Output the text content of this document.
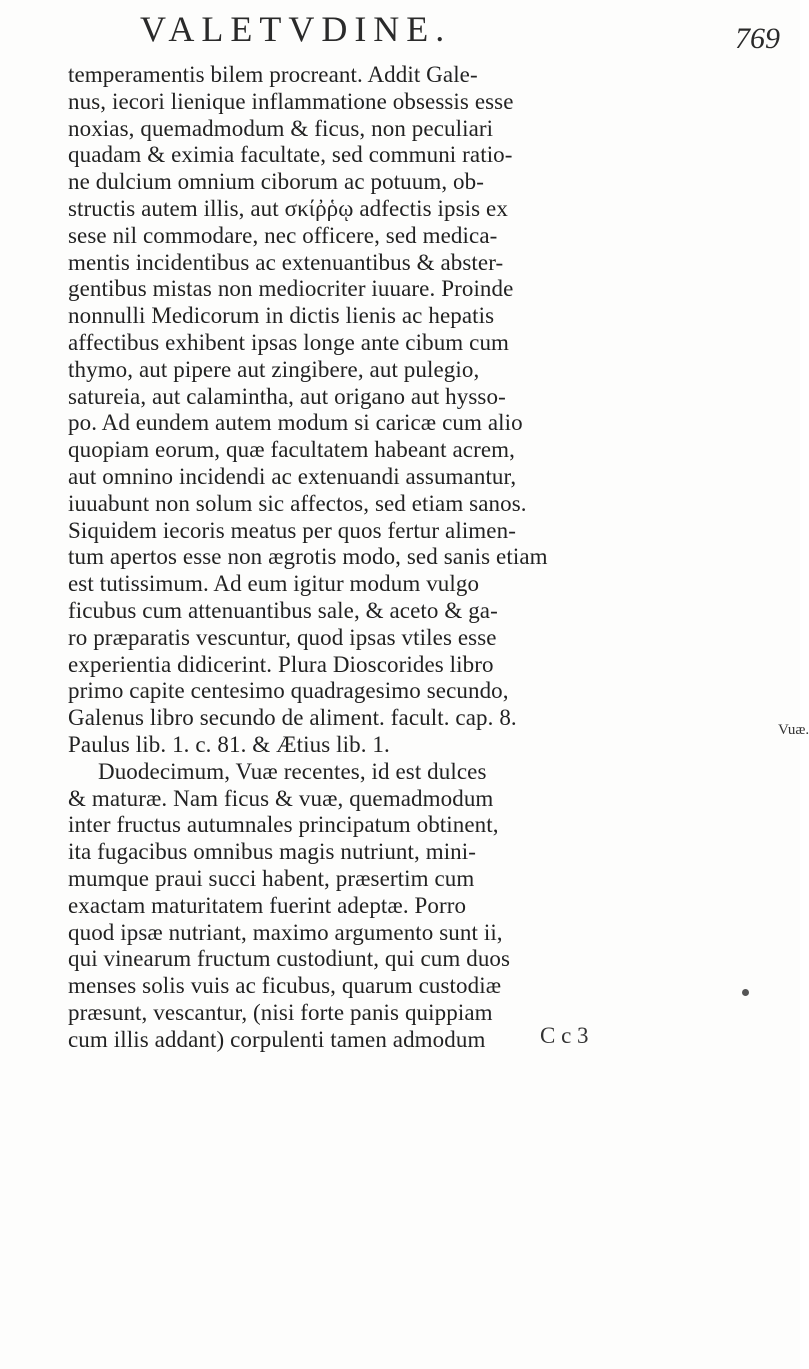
VALETVDINE.	769
temperamentis bilem procreant. Addit Gale-
nus, iecori lienique inflammatione obsessis esse
noxias, quemadmodum & ficus, non peculiari
quadam & eximia facultate, sed communi ratio-
ne dulcium omnium ciborum ac potuum, ob-
structis autem illis, aut σκίῤῥῳ adfectis ipsis ex
sese nil commodare, nec officere, sed medica-
mentis incidentibus ac extenuantibus & abster-
gentibus mistas non mediocriter iuuare. Proinde
nonnulli Medicorum in dictis lienis ac hepatis
affectibus exhibent ipsas longe ante cibum cum
thymo, aut pipere aut zingibere, aut pulegio,
satureia, aut calamintha, aut origano aut hysso-
po. Ad eundem autem modum si caricæ cum alio
quopiam eorum, quæ facultatem habeant acrem,
aut omnino incidendi ac extenuandi assumantur,
iuuabunt non solum sic affectos, sed etiam sanos.
Siquidem iecoris meatus per quos fertur alimen-
tum apertos esse non ægrotis modo, sed sanis etiam
est tutissimum. Ad eum igitur modum vulgo
ficubus cum attenuantibus sale, & aceto & ga-
ro præparatis vescuntur, quod ipsas vtiles esse
experientia didicerint. Plura Dioscorides libro
primo capite centesimo quadragesimo secundo,
Galenus libro secundo de aliment. facult. cap. 8.
Paulus lib. 1. c. 81. & Ætius lib. 1.
Duodecimum, Vuæ recentes, id est dulces
& maturæ. Nam ficus & vuæ, quemadmodum
inter fructus autumnales principatum obtinent,
ita fugacibus omnibus magis nutriunt, mini-
mumque praui succi habent, præsertim cum
exactam maturitatem fuerint adeptæ. Porro
quod ipsæ nutriant, maximo argumento sunt ii,
qui vinearum fructum custodiunt, qui cum duos
menses solis vuis ac ficubus, quarum custodiæ
præsunt, vescantur, (nisi forte panis quippiam
cum illis addant) corpulenti tamen admodum
Vuæ.
C c 3
